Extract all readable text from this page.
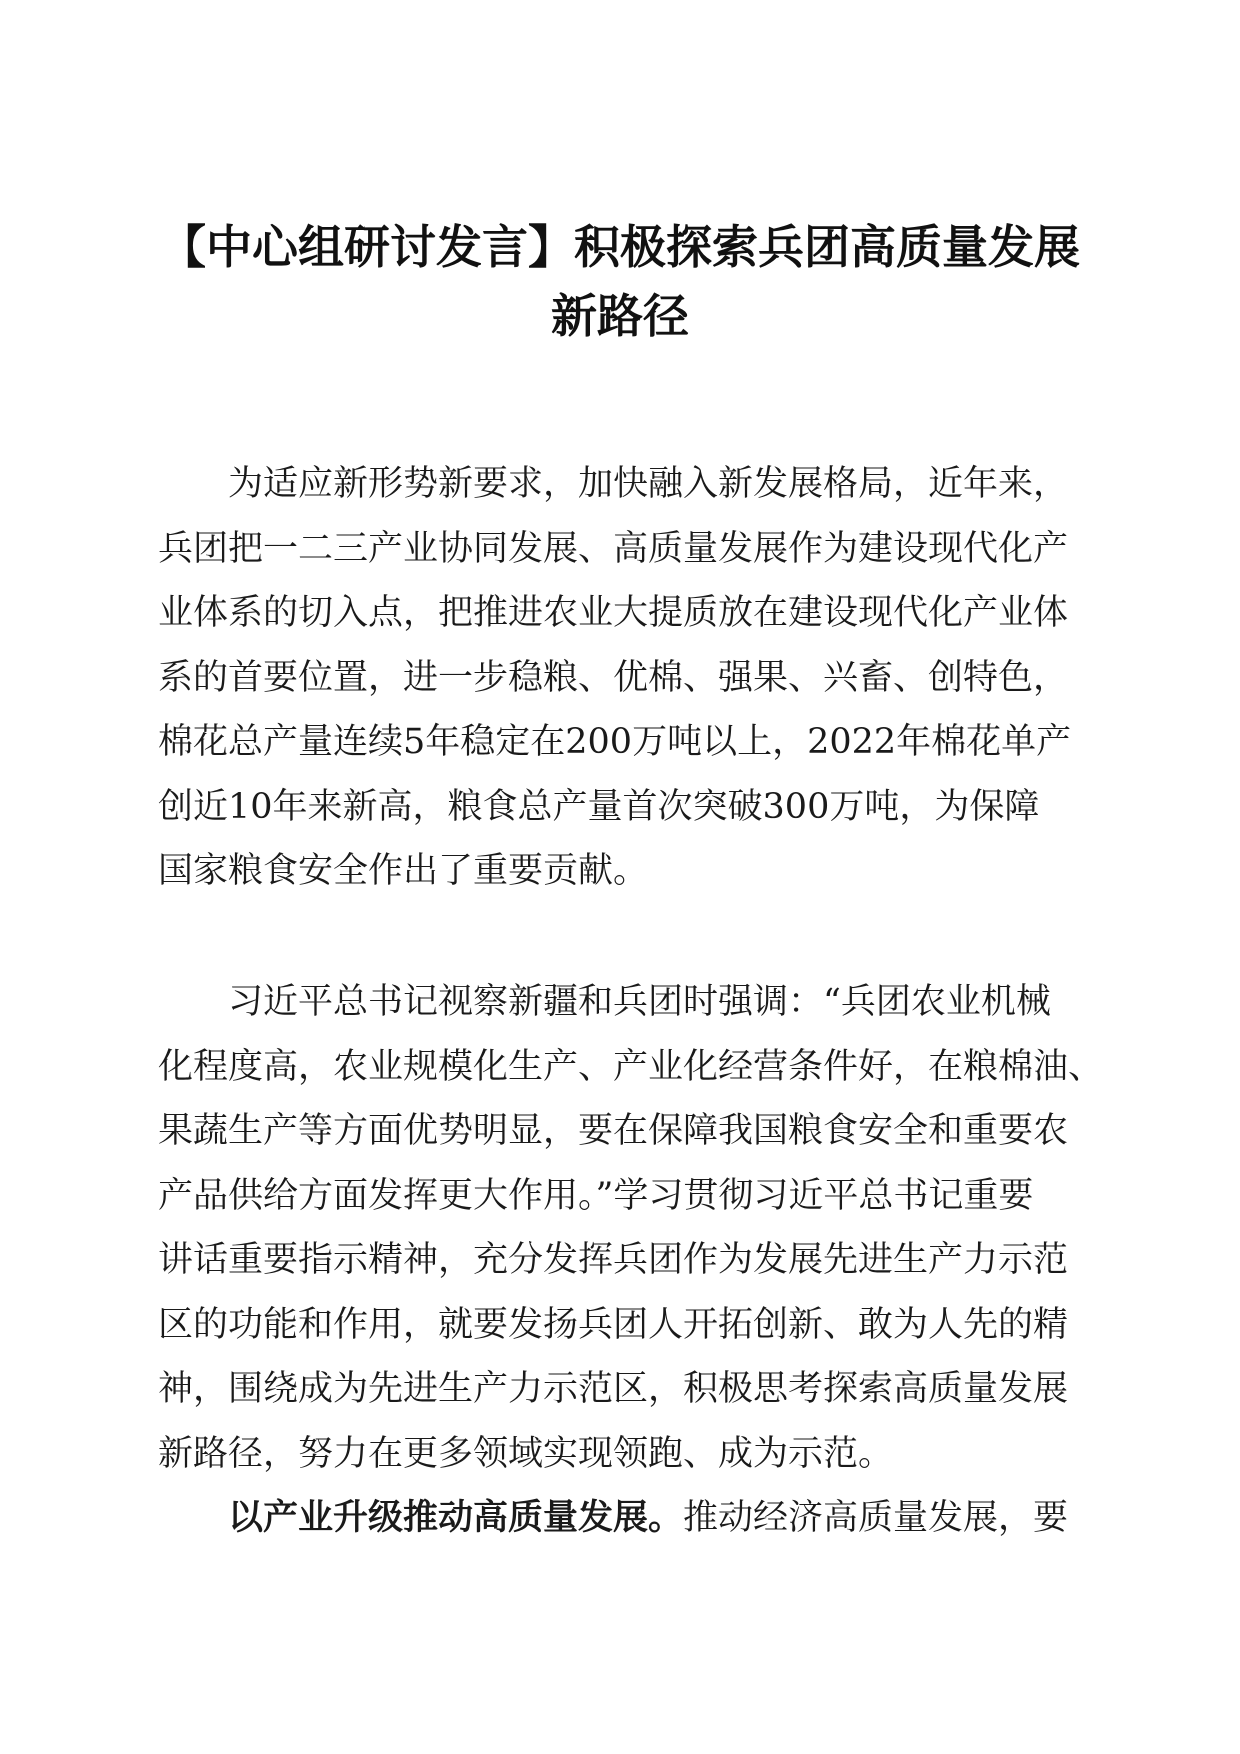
【中心组研讨发言】积极探索兵团高质量发展
新路径
为适应新形势新要求，加快融入新发展格局，近年来，
兵团把一二三产业协同发展、高质量发展作为建设现代化产
业体系的切入点，把推进农业大提质放在建设现代化产业体
系的首要位置，进一步稳粮、优棉、强果、兴畜、创特色，
棉花总产量连续5年稳定在200万吨以上，2022年棉花单产
创近10年来新高，粮食总产量首次突破300万吨，为保障
国家粮食安全作出了重要贡献。
习近平总书记视察新疆和兵团时强调：“兵团农业机械
化程度高，农业规模化生产、产业化经营条件好，在粮棉油、
果蔬生产等方面优势明显，要在保障我国粮食安全和重要农
产品供给方面发挥更大作用。”学习贯彻习近平总书记重要
讲话重要指示精神，充分发挥兵团作为发展先进生产力示范
区的功能和作用，就要发扬兵团人开拓创新、敢为人先的精
神，围绕成为先进生产力示范区，积极思考探索高质量发展
新路径，努力在更多领域实现领跑、成为示范。
以产业升级推动高质量发展。推动经济高质量发展，要
